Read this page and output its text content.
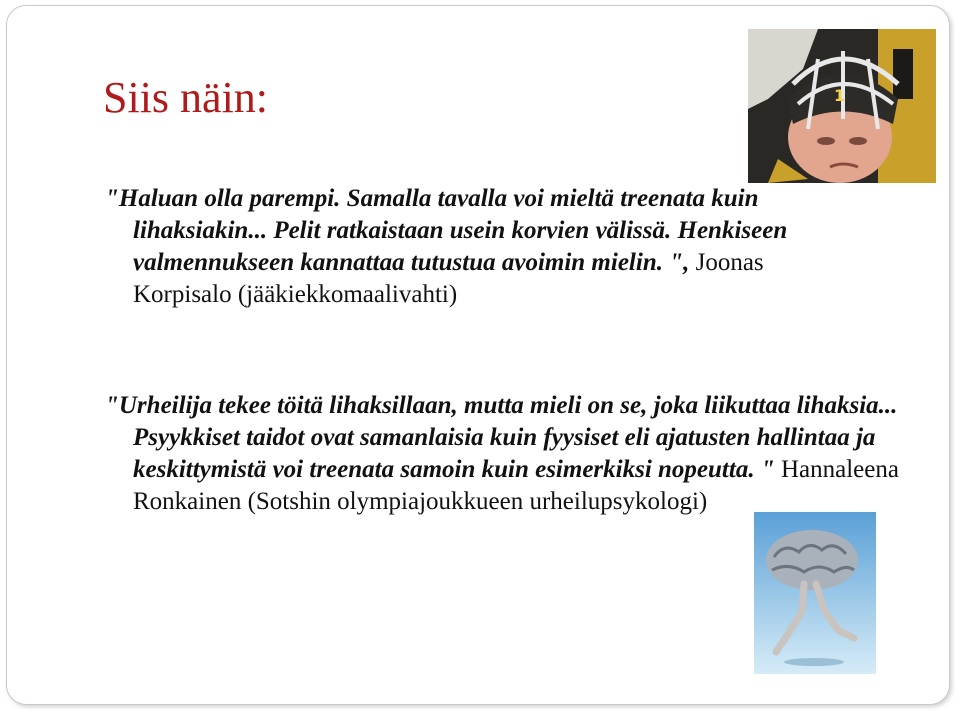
Siis näin:

"Haluan olla parempi. Samalla tavalla voi mieltä treenata kuin lihaksiakin... Pelit ratkaistaan usein korvien välissä. Henkiseen valmennukseen kannattaa tutustua avoimin mielin. ", Joonas Korpisalo (jääkiekkomaalivahti)

"Urheilija tekee töitä lihaksillaan, mutta mieli on se, joka liikuttaa lihaksia... Psyykkiset taidot ovat samanlaisia kuin fyysiset eli ajatusten hallintaa ja keskittymistä voi treenata samoin kuin esimerkiksi nopeutta. " Hannaleena Ronkainen (Sotshin olympiajoukkueen urheilupsykologi)

1
